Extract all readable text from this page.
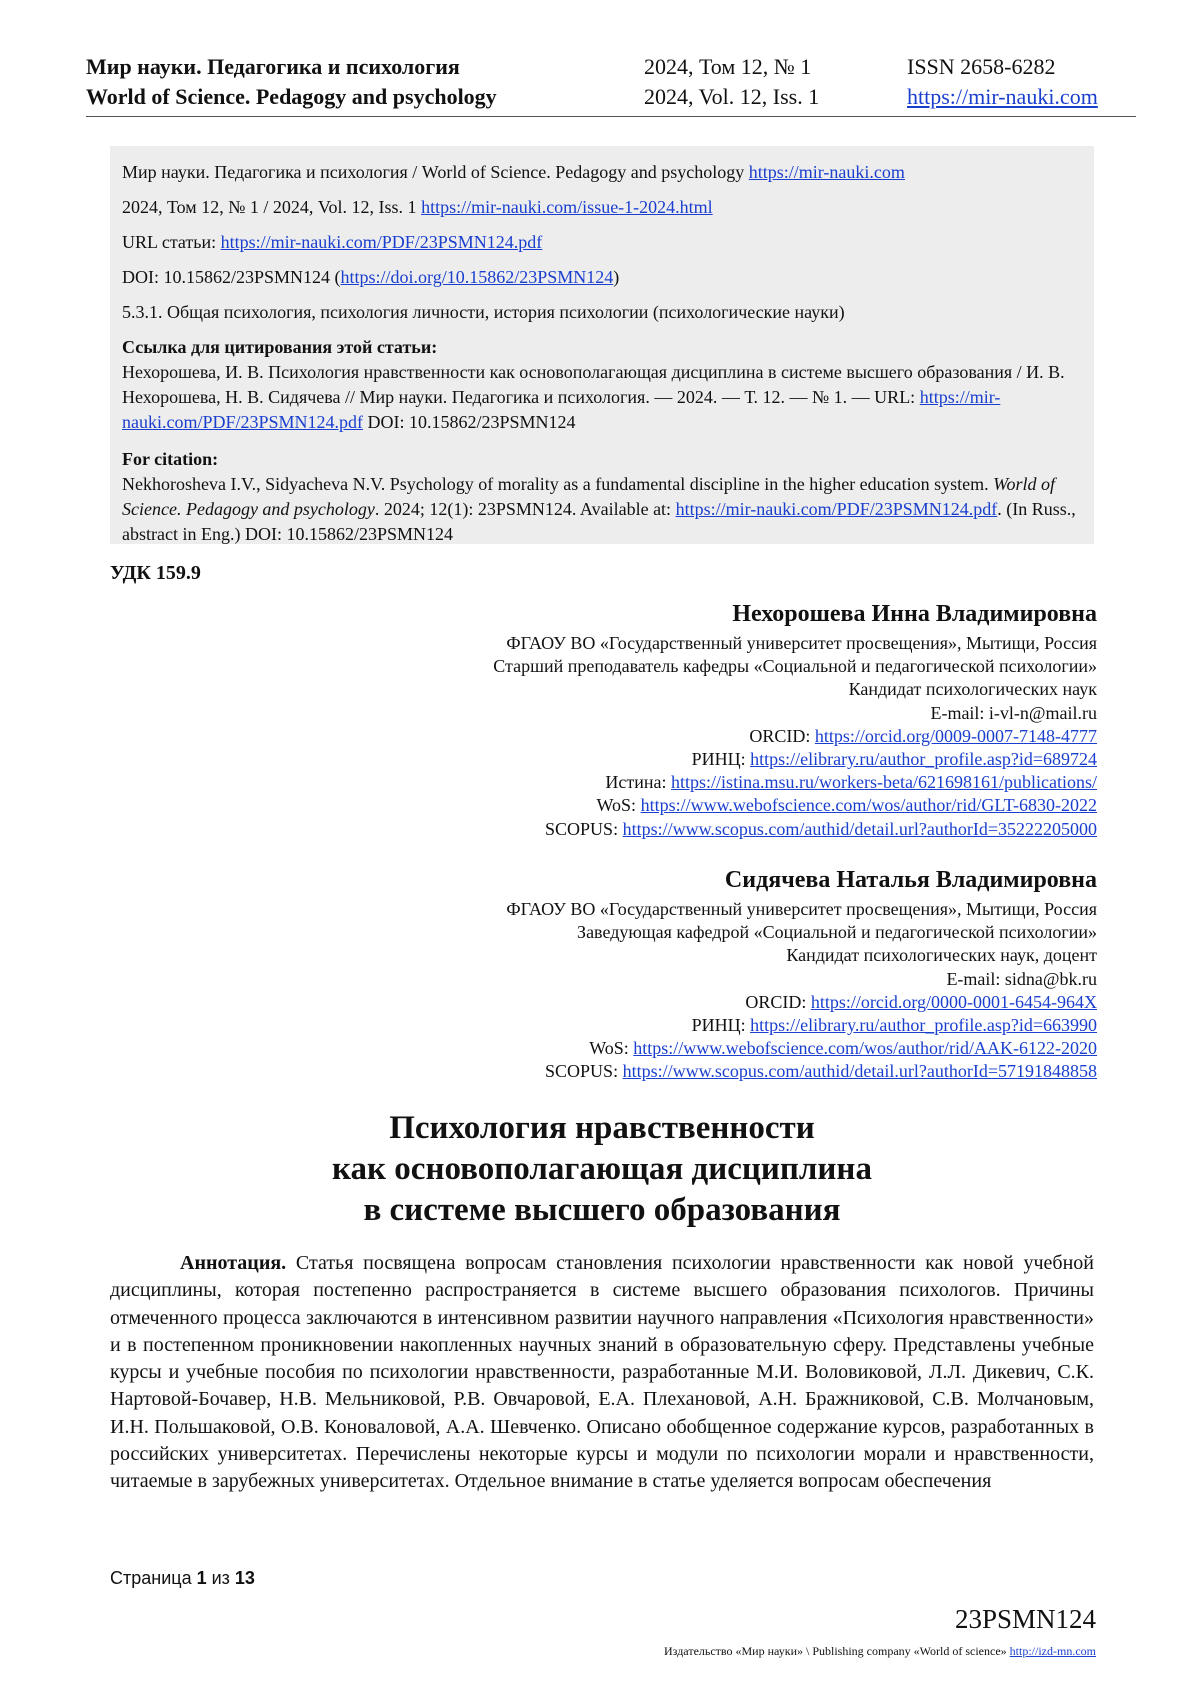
Мир науки. Педагогика и психология
World of Science. Pedagogy and psychology
2024, Том 12, № 1
2024, Vol. 12, Iss. 1
ISSN 2658-6282
https://mir-nauki.com

Мир науки. Педагогика и психология / World of Science. Pedagogy and psychology https://mir-nauki.com

2024, Том 12, № 1 / 2024, Vol. 12, Iss. 1 https://mir-nauki.com/issue-1-2024.html

URL статьи: https://mir-nauki.com/PDF/23PSMN124.pdf

DOI: 10.15862/23PSMN124 (https://doi.org/10.15862/23PSMN124)

5.3.1. Общая психология, психология личности, история психологии (психологические науки)

Ссылка для цитирования этой статьи:

Нехорошева, И. В. Психология нравственности как основополагающая дисциплина в системе высшего образования / И. В. Нехорошева, Н. В. Сидячева // Мир науки. Педагогика и психология. — 2024. — Т. 12. — № 1. — URL: https://mir-nauki.com/PDF/23PSMN124.pdf DOI: 10.15862/23PSMN124

For citation:

Nekhorosheva I.V., Sidyacheva N.V. Psychology of morality as a fundamental discipline in the higher education system. World of Science. Pedagogy and psychology. 2024; 12(1): 23PSMN124. Available at: https://mir-nauki.com/PDF/23PSMN124.pdf. (In Russ., abstract in Eng.) DOI: 10.15862/23PSMN124

УДК 159.9
Нехорошева Инна Владимировна
ФГАОУ ВО «Государственный университет просвещения», Мытищи, Россия
Старший преподаватель кафедры «Социальной и педагогической психологии»
Кандидат психологических наук
E-mail: i-vl-n@mail.ru
ORCID: https://orcid.org/0009-0007-7148-4777
РИНЦ: https://elibrary.ru/author_profile.asp?id=689724
Истина: https://istina.msu.ru/workers-beta/621698161/publications/
WoS: https://www.webofscience.com/wos/author/rid/GLT-6830-2022
SCOPUS: https://www.scopus.com/authid/detail.url?authorId=35222205000
Сидячева Наталья Владимировна
ФГАОУ ВО «Государственный университет просвещения», Мытищи, Россия
Заведующая кафедрой «Социальной и педагогической психологии»
Кандидат психологических наук, доцент
E-mail: sidna@bk.ru
ORCID: https://orcid.org/0000-0001-6454-964X
РИНЦ: https://elibrary.ru/author_profile.asp?id=663990
WoS: https://www.webofscience.com/wos/author/rid/AAK-6122-2020
SCOPUS: https://www.scopus.com/authid/detail.url?authorId=57191848858
Психология нравственности
как основополагающая дисциплина
в системе высшего образования
Аннотация. Статья посвящена вопросам становления психологии нравственности как новой учебной дисциплины, которая постепенно распространяется в системе высшего образования психологов. Причины отмеченного процесса заключаются в интенсивном развитии научного направления «Психология нравственности» и в постепенном проникновении накопленных научных знаний в образовательную сферу. Представлены учебные курсы и учебные пособия по психологии нравственности, разработанные М.И. Воловиковой, Л.Л. Дикевич, С.К. Нартовой-Бочавер, Н.В. Мельниковой, Р.В. Овчаровой, Е.А. Плехановой, А.Н. Бражниковой, С.В. Молчановым, И.Н. Польшаковой, О.В. Коноваловой, А.А. Шевченко. Описано обобщенное содержание курсов, разработанных в российских университетах. Перечислены некоторые курсы и модули по психологии морали и нравственности, читаемые в зарубежных университетах. Отдельное внимание в статье уделяется вопросам обеспечения
Страница 1 из 13
23PSMN124
Издательство «Мир науки» \ Publishing company «World of science» http://izd-mn.com
